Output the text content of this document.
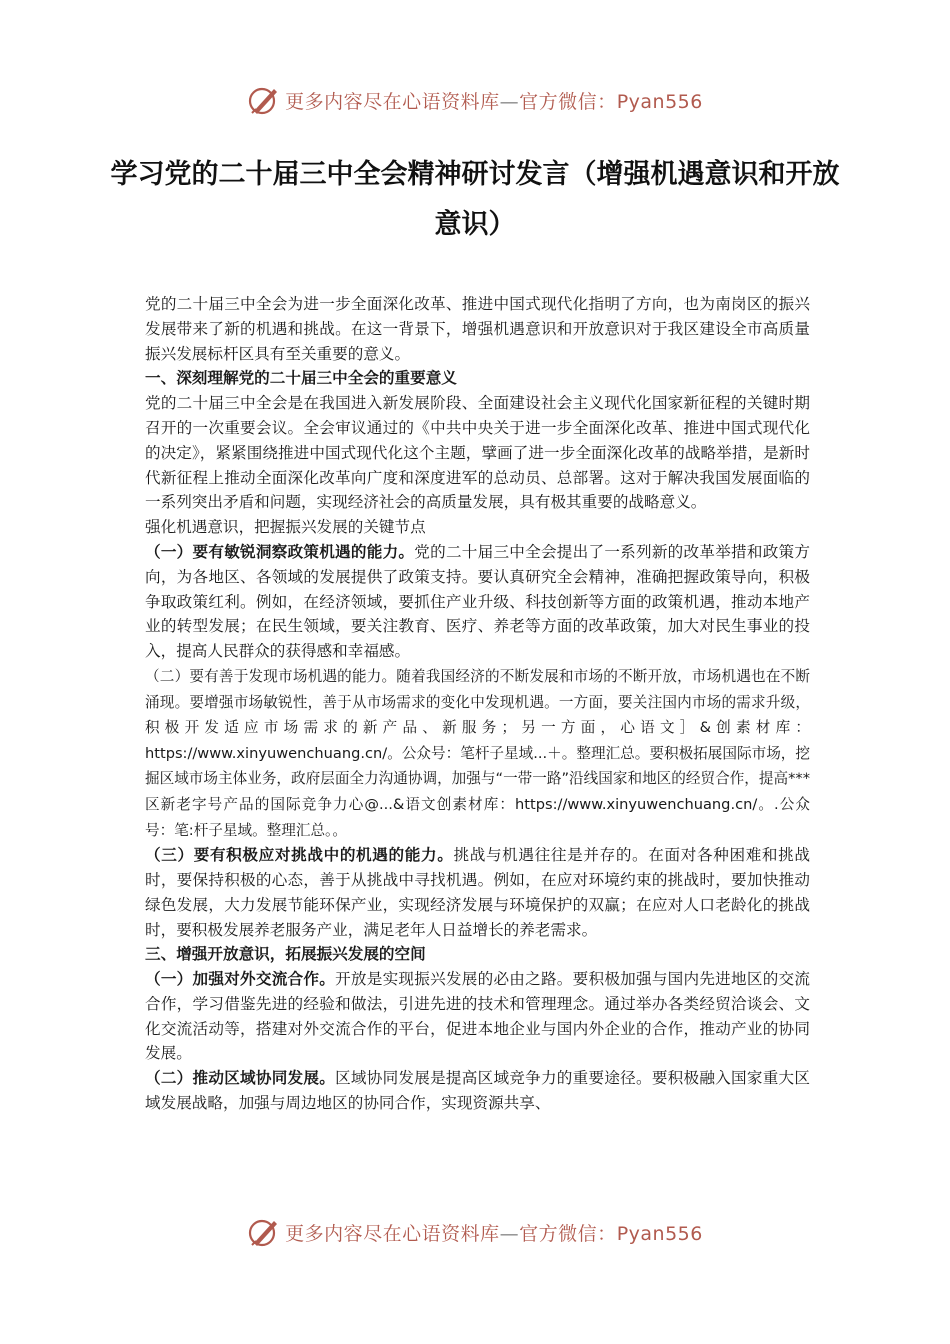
更多内容尽在心语资料库—官方微信：Pyan556
学习党的二十届三中全会精神研讨发言（增强机遇意识和开放意识）

党的二十届三中全会为进一步全面深化改革、推进中国式现代化指明了方向，也为南岗区的振兴发展带来了新的机遇和挑战。在这一背景下，增强机遇意识和开放意识对于我区建设全市高质量振兴发展标杆区具有至关重要的意义。

一、深刻理解党的二十届三中全会的重要意义

党的二十届三中全会是在我国进入新发展阶段、全面建设社会主义现代化国家新征程的关键时期召开的一次重要会议。全会审议通过的《中共中央关于进一步全面深化改革、推进中国式现代化的决定》，紧紧围绕推进中国式现代化这个主题，擘画了进一步全面深化改革的战略举措，是新时代新征程上推动全面深化改革向广度和深度进军的总动员、总部署。这对于解决我国发展面临的一系列突出矛盾和问题，实现经济社会的高质量发展，具有极其重要的战略意义。

强化机遇意识，把握振兴发展的关键节点

（一）要有敏锐洞察政策机遇的能力。党的二十届三中全会提出了一系列新的改革举措和政策方向，为各地区、各领域的发展提供了政策支持。要认真研究全会精神，准确把握政策导向，积极争取政策红利。例如，在经济领域，要抓住产业升级、科技创新等方面的政策机遇，推动本地产业的转型发展；在民生领域，要关注教育、医疗、养老等方面的改革政策，加大对民生事业的投入，提高人民群众的获得感和幸福感。

（二）要有善于发现市场机遇的能力。随着我国经济的不断发展和市场的不断开放，市场机遇也在不断涌现。要增强市场敏锐性，善于从市场需求的变化中发现机遇。一方面，要关注国内市场的需求升级，积极开发适应市场需求的新产品、新服务；另一方面，心语文］&创素材库：https://www.xinyuwenchuang.cn/。公众号：笔杆子星域...＋。整理汇总。要积极拓展国际市场，挖掘区域市场主体业务，政府层面全力沟通协调，加强与“一带一路”沿线国家和地区的经贸合作，提高***区新老字号产品的国际竞争力心@...&语文创素材库：https://www.xinyuwenchuang.cn/。.公众号：笔:杆子星域。整理汇总。。

（三）要有积极应对挑战中的机遇的能力。挑战与机遇往往是并存的。在面对各种困难和挑战时，要保持积极的心态，善于从挑战中寻找机遇。例如，在应对环境约束的挑战时，要加快推动绿色发展，大力发展节能环保产业，实现经济发展与环境保护的双赢；在应对人口老龄化的挑战时，要积极发展养老服务产业，满足老年人日益增长的养老需求。

三、增强开放意识，拓展振兴发展的空间

（一）加强对外交流合作。开放是实现振兴发展的必由之路。要积极加强与国内先进地区的交流合作，学习借鉴先进的经验和做法，引进先进的技术和管理理念。通过举办各类经贸洽谈会、文化交流活动等，搭建对外交流合作的平台，促进本地企业与国内外企业的合作，推动产业的协同发展。

（二）推动区域协同发展。区域协同发展是提高区域竞争力的重要途径。要积极融入国家重大区域发展战略，加强与周边地区的协同合作，实现资源共享、

更多内容尽在心语资料库—官方微信：Pyan556
